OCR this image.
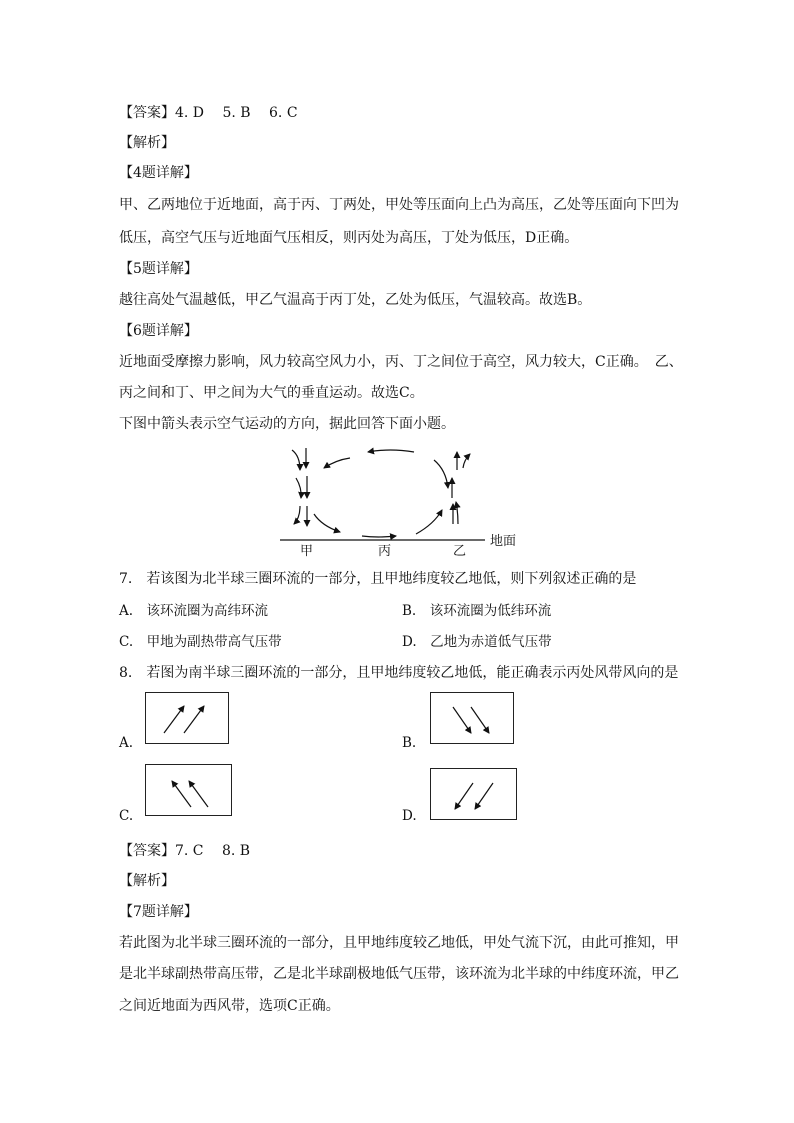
【答案】4. D　 5. B　 6. C
【解析】
【4题详解】
甲、乙两地位于近地面，高于丙、丁两处，甲处等压面向上凸为高压，乙处等压面向下凹为
低压，高空气压与近地面气压相反，则丙处为高压，丁处为低压，D正确。
【5题详解】
越往高处气温越低，甲乙气温高于丙丁处，乙处为低压，气温较高。故选B。
【6题详解】
近地面受摩擦力影响，风力较高空风力小，丙、丁之间位于高空，风力较大，C正确。　乙、
丙之间和丁、甲之间为大气的垂直运动。故选C。
下图中箭头表示空气运动的方向，据此回答下面小题。
甲	丙	乙
地面
7.　若该图为北半球三圈环流的一部分，且甲地纬度较乙地低，则下列叙述正确的是
A.　该环流圈为高纬环流	B.　该环流圈为低纬环流
C.　甲地为副热带高气压带	D.　乙地为赤道低气压带
8.　若图为南半球三圈环流的一部分，且甲地纬度较乙地低，能正确表示丙处风带风向的是
A.	B.
C.	D.
【答案】7. C　 8. B
【解析】
【7题详解】
若此图为北半球三圈环流的一部分，且甲地纬度较乙地低，甲处气流下沉，由此可推知，甲
是北半球副热带高压带，乙是北半球副极地低气压带，该环流为北半球的中纬度环流，甲乙
之间近地面为西风带，选项C正确。
